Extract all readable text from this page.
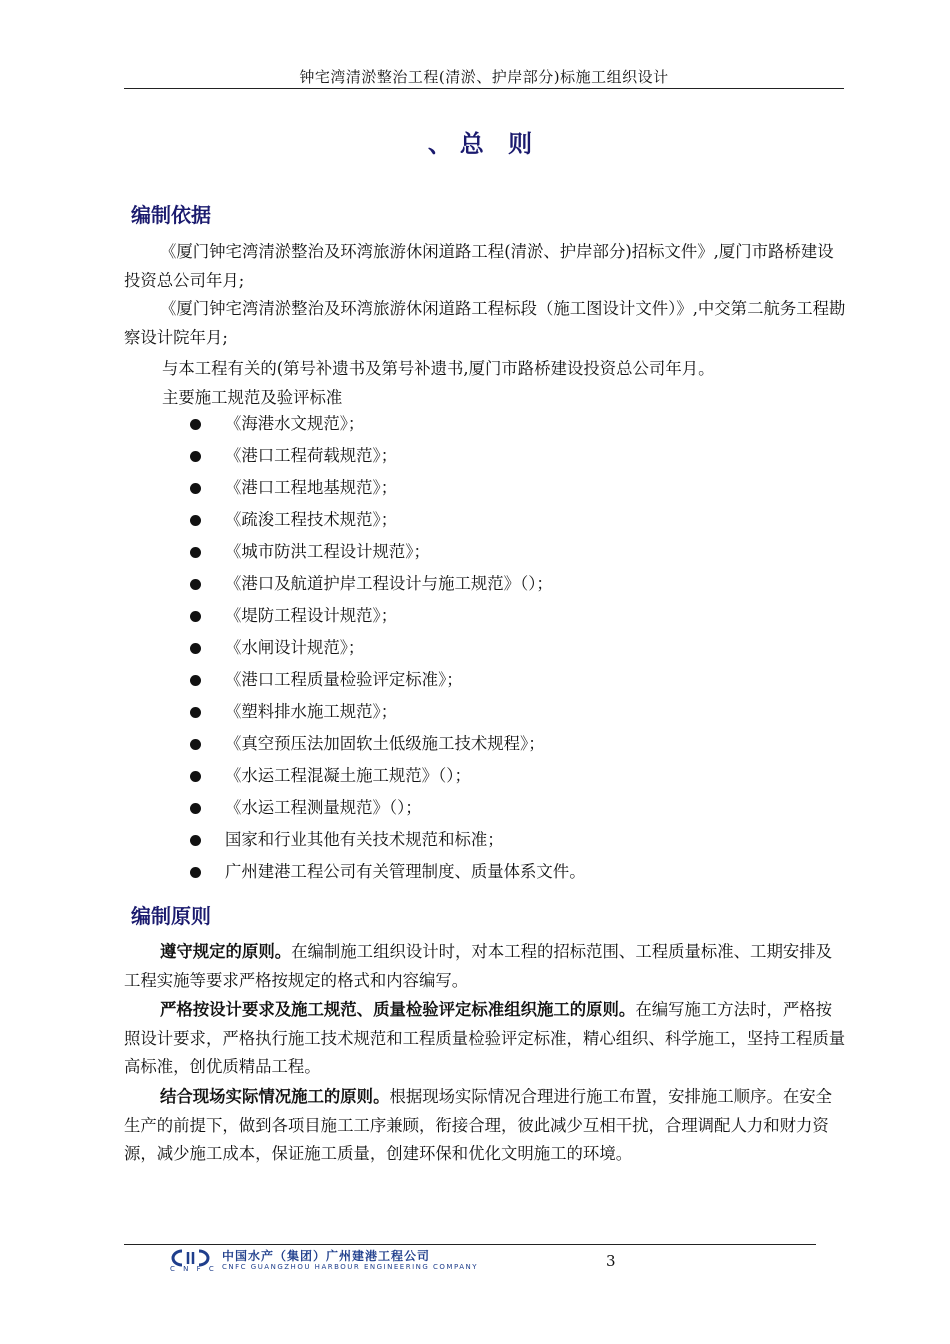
钟宅湾清淤整治工程(清淤、护岸部分)标施工组织设计
、总 则
编制依据

《厦门钟宅湾清淤整治及环湾旅游休闲道路工程(清淤、护岸部分)招标文件》,厦门市路桥建设投资总公司年月;

《厦门钟宅湾清淤整治及环湾旅游休闲道路工程标段（施工图设计文件）》,中交第二航务工程勘察设计院年月;

与本工程有关的(第号补遗书及第号补遗书,厦门市路桥建设投资总公司年月。
主要施工规范及验评标准
《海港水文规范》；
《港口工程荷载规范》；
《港口工程地基规范》；
《疏浚工程技术规范》；
《城市防洪工程设计规范》；
《港口及航道护岸工程设计与施工规范》（）；
《堤防工程设计规范》；
《水闸设计规范》；
《港口工程质量检验评定标准》；
《塑料排水施工规范》；
《真空预压法加固软土低级施工技术规程》；
《水运工程混凝土施工规范》（）；
《水运工程测量规范》（）；
国家和行业其他有关技术规范和标准；
广州建港工程公司有关管理制度、质量体系文件。
编制原则

遵守规定的原则。在编制施工组织设计时，对本工程的招标范围、工程质量标准、工期安排及工程实施等要求严格按规定的格式和内容编写。

严格按设计要求及施工规范、质量检验评定标准组织施工的原则。在编写施工方法时，严格按照设计要求，严格执行施工技术规范和工程质量检验评定标准，精心组织、科学施工，坚持工程质量高标准，创优质精品工程。

结合现场实际情况施工的原则。根据现场实际情况合理进行施工布置，安排施工顺序。在安全生产的前提下，做到各项目施工工序兼顾，衔接合理，彼此减少互相干扰，合理调配人力和财力资源，减少施工成本，保证施工质量，创建环保和优化文明施工的环境。

C N F C
中国水产（集团）广州建港工程公司
CNFC GUANGZHOU HARBOUR ENGINEERING COMPANY	3
